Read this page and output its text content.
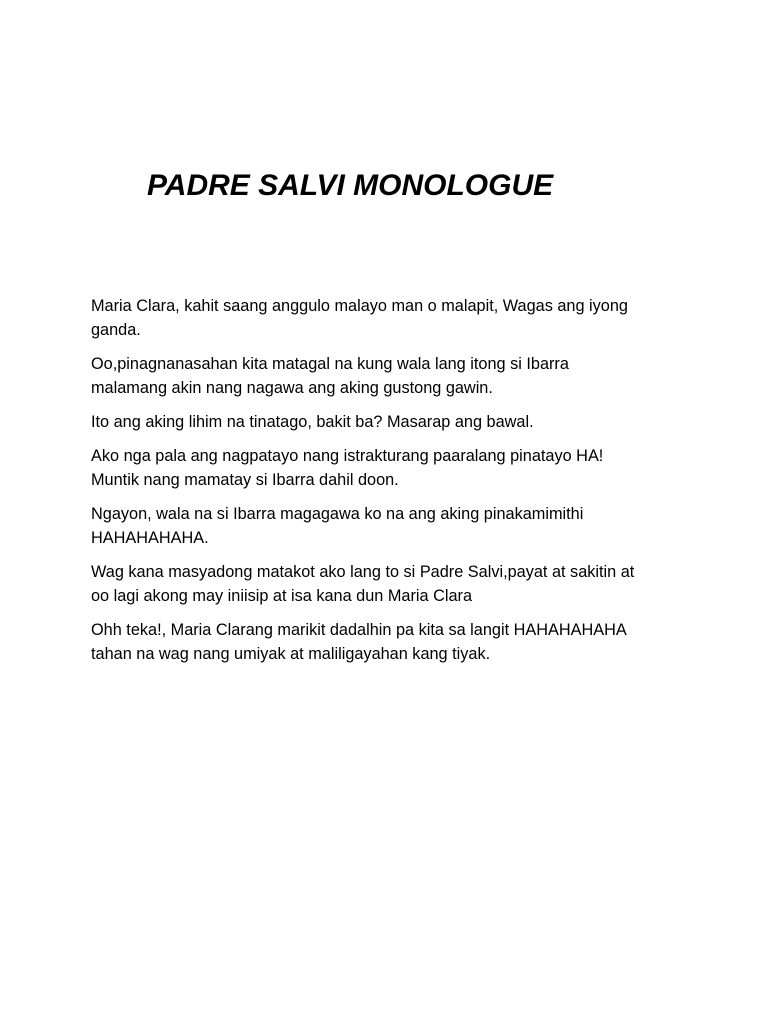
PADRE SALVI MONOLOGUE

Maria Clara, kahit saang anggulo malayo man o malapit, Wagas ang iyong
ganda.

Oo,pinagnanasahan kita matagal na kung wala lang itong si Ibarra
malamang akin nang nagawa ang aking gustong gawin.

Ito ang aking lihim na tinatago, bakit ba? Masarap ang bawal.

Ako nga pala ang nagpatayo nang istrakturang paaralang pinatayo HA!
Muntik nang mamatay si Ibarra dahil doon.

Ngayon, wala na si Ibarra magagawa ko na ang aking pinakamimithi
HAHAHAHAHA.

Wag kana masyadong matakot ako lang to si Padre Salvi,payat at sakitin at
oo lagi akong may iniisip at isa kana dun Maria Clara

Ohh teka!, Maria Clarang marikit dadalhin pa kita sa langit HAHAHAHAHA
tahan na wag nang umiyak at maliligayahan kang tiyak.
